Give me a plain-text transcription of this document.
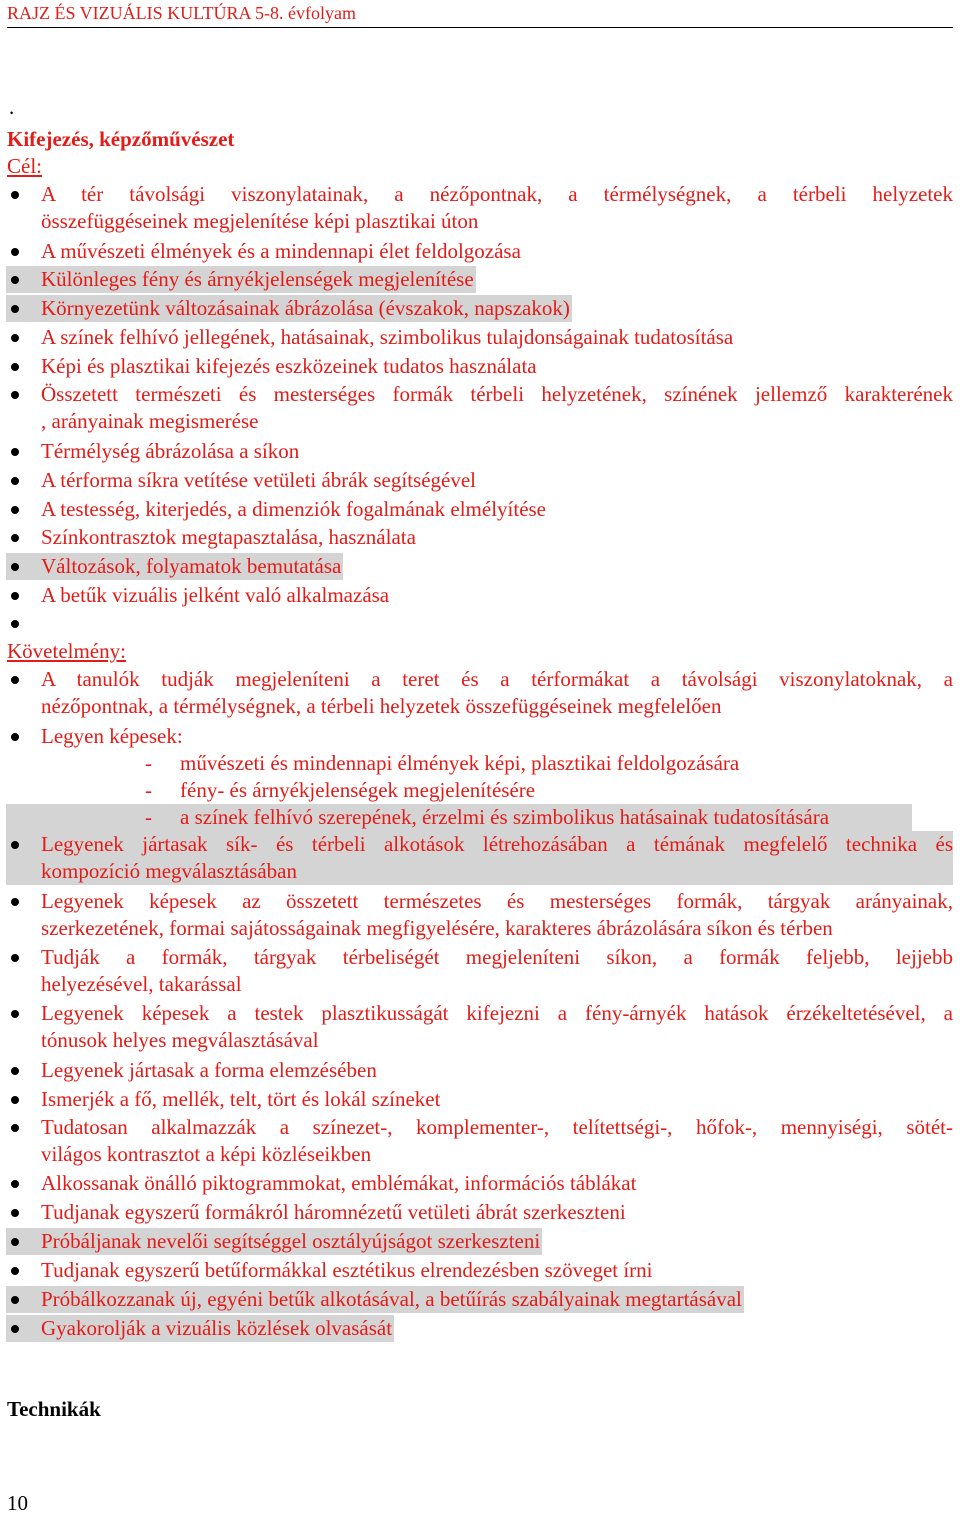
RAJZ ÉS VIZUÁLIS KULTÚRA 5-8. évfolyam
.
Kifejezés, képzőművészet
Cél:
A tér távolsági viszonylatainak, a nézőpontnak, a térmélységnek, a térbeli helyzetek
összefüggéseinek megjelenítése képi plasztikai úton
A művészeti élmények és a mindennapi élet feldolgozása
Különleges fény és árnyékjelenségek megjelenítése
Környezetünk változásainak ábrázolása (évszakok, napszakok)
A színek felhívó jellegének, hatásainak, szimbolikus tulajdonságainak tudatosítása
Képi és plasztikai kifejezés eszközeinek tudatos használata
Összetett természeti és mesterséges formák térbeli helyzetének, színének jellemző karakterének
, arányainak megismerése
Térmélység ábrázolása a síkon
A térforma síkra vetítése vetületi ábrák segítségével
A testesség, kiterjedés, a dimenziók fogalmának elmélyítése
Színkontrasztok megtapasztalása, használata
Változások, folyamatok bemutatása
A betűk vizuális jelként való alkalmazása
Követelmény:
- művészeti és mindennapi élmények képi, plasztikai feldolgozására
- fény- és árnyékjelenségek megjelenítésére
- a színek felhívó szerepének, érzelmi és szimbolikus hatásainak tudatosítására
A tanulók tudják megjeleníteni a teret és a térformákat a távolsági viszonylatoknak, a
nézőpontnak, a térmélységnek, a térbeli helyzetek összefüggéseinek megfelelően
Legyen képesek:
Legyenek jártasak sík- és térbeli alkotások létrehozásában a témának megfelelő technika és
kompozíció megválasztásában
Legyenek képesek az összetett természetes és mesterséges formák, tárgyak arányainak,
szerkezetének, formai sajátosságainak megfigyelésére, karakteres ábrázolására síkon és térben
Tudják a formák, tárgyak térbeliségét megjeleníteni síkon, a formák feljebb, lejjebb
helyezésével, takarással
Legyenek képesek a testek plasztikusságát kifejezni a fény-árnyék hatások érzékeltetésével, a
tónusok helyes megválasztásával
Legyenek jártasak a forma elemzésében
Ismerjék a fő, mellék, telt, tört és lokál színeket
Tudatosan alkalmazzák a színezet-, komplementer-, telítettségi-, hőfok-, mennyiségi, sötét-
világos kontrasztot a képi közléseikben
Alkossanak önálló piktogrammokat, emblémákat, információs táblákat
Tudjanak egyszerű formákról háromnézetű vetületi ábrát szerkeszteni
Próbáljanak nevelői segítséggel osztályújságot szerkeszteni
Tudjanak egyszerű betűformákkal esztétikus elrendezésben szöveget írni
Próbálkozzanak új, egyéni betűk alkotásával, a betűírás szabályainak megtartásával
Gyakorolják a vizuális közlések olvasását
Technikák
10
